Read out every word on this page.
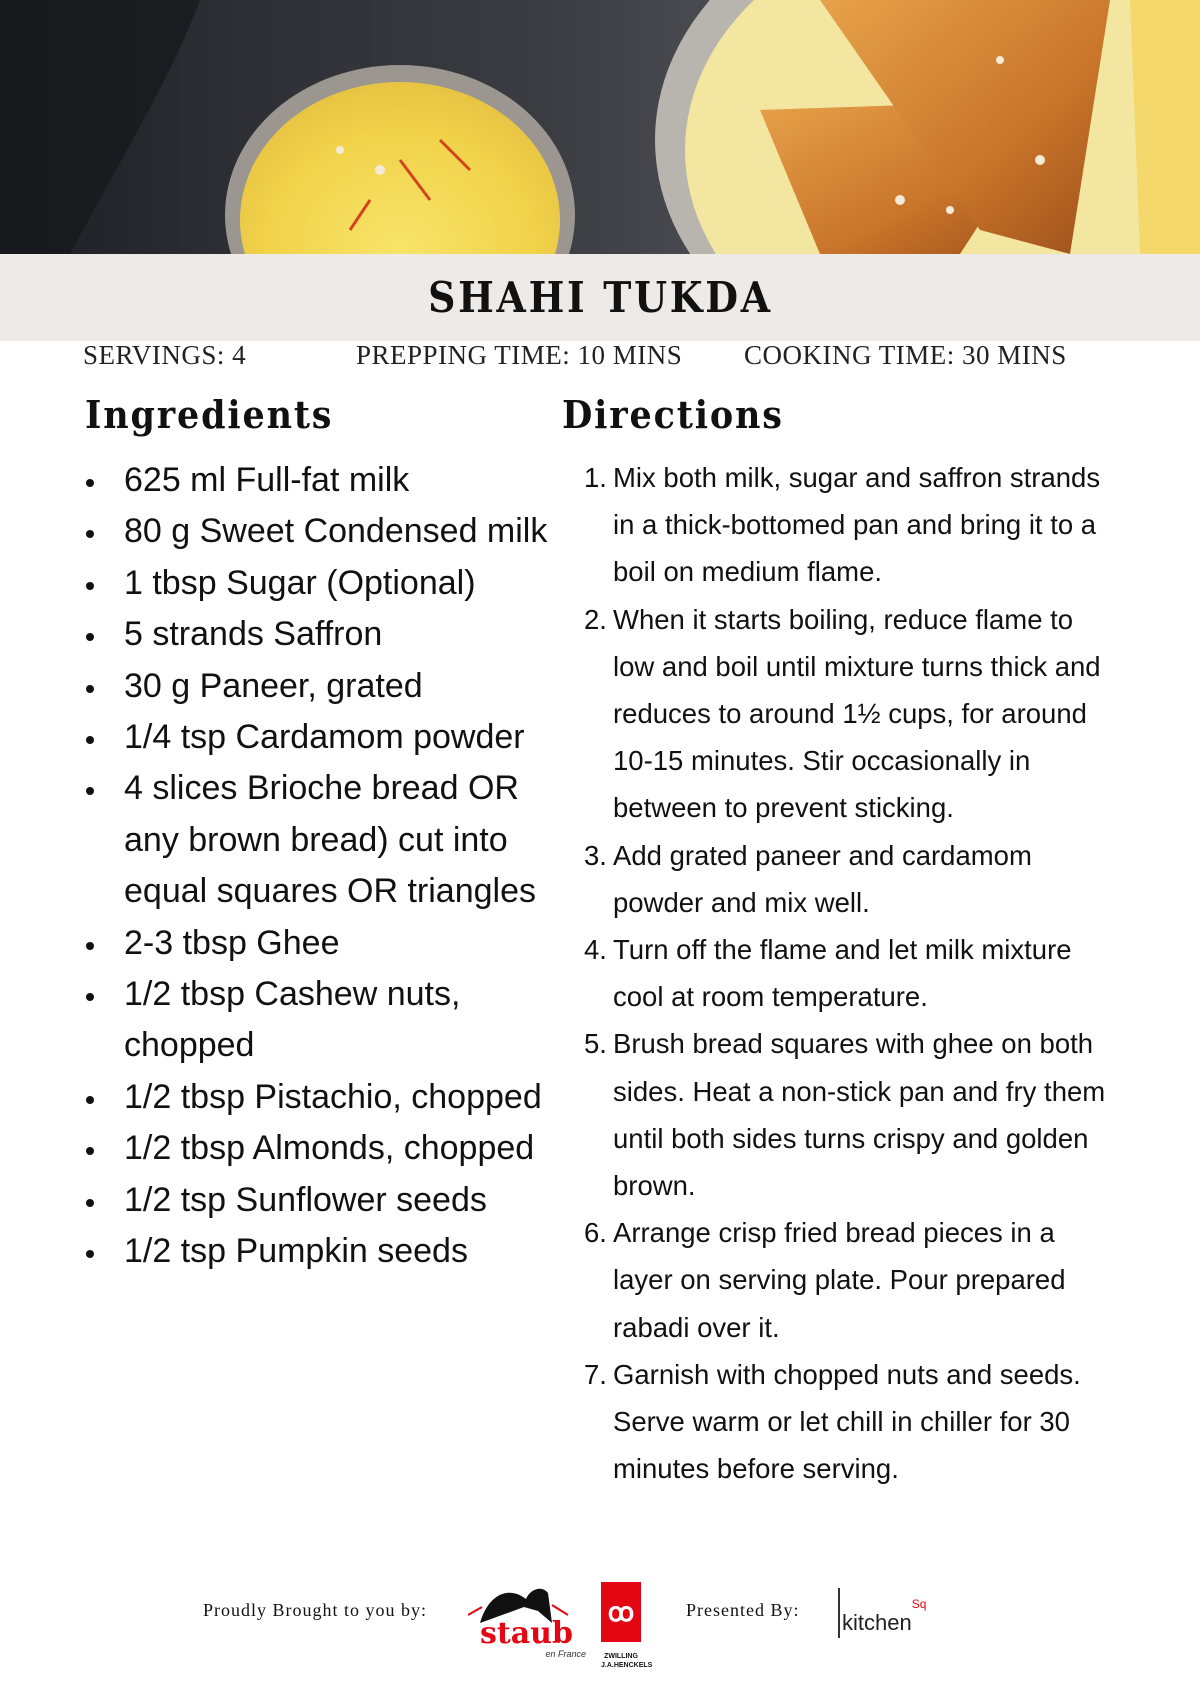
SHAHI TUKDA
SERVINGS: 4	PREPPING TIME: 10 MINS COOKING TIME: 30 MINS
Ingredients	Directions
625 ml Full-fat milk
80 g Sweet Condensed milk
1 tbsp Sugar (Optional)
5 strands Saffron
30 g Paneer, grated
1/4 tsp Cardamom powder
4 slices Brioche bread OR any brown bread) cut into equal squares OR triangles
2-3 tbsp Ghee
1/2 tbsp Cashew nuts, chopped
1/2 tbsp Pistachio, chopped
1/2 tbsp Almonds, chopped
1/2 tsp Sunflower seeds
1/2 tsp Pumpkin seeds
1. Mix both milk, sugar and saffron strands in a thick-bottomed pan and bring it to a boil on medium flame.
2. When it starts boiling, reduce flame to low and boil until mixture turns thick and reduces to around 1½ cups, for around 10-15 minutes. Stir occasionally in between to prevent sticking.
3. Add grated paneer and cardamom powder and mix well.
4. Turn off the flame and let milk mixture cool at room temperature.
5. Brush bread squares with ghee on both sides. Heat a non-stick pan and fry them until both sides turns crispy and golden brown.
6. Arrange crisp fried bread pieces in a layer on serving plate. Pour prepared rabadi over it.
7. Garnish with chopped nuts and seeds. Serve warm or let chill in chiller for 30 minutes before serving.
Proudly Brought to you by:
staub
en France
ꝏ
ZWILLING
J.A.HENCKELS
Presented By: kitchen$^{Sq}$
